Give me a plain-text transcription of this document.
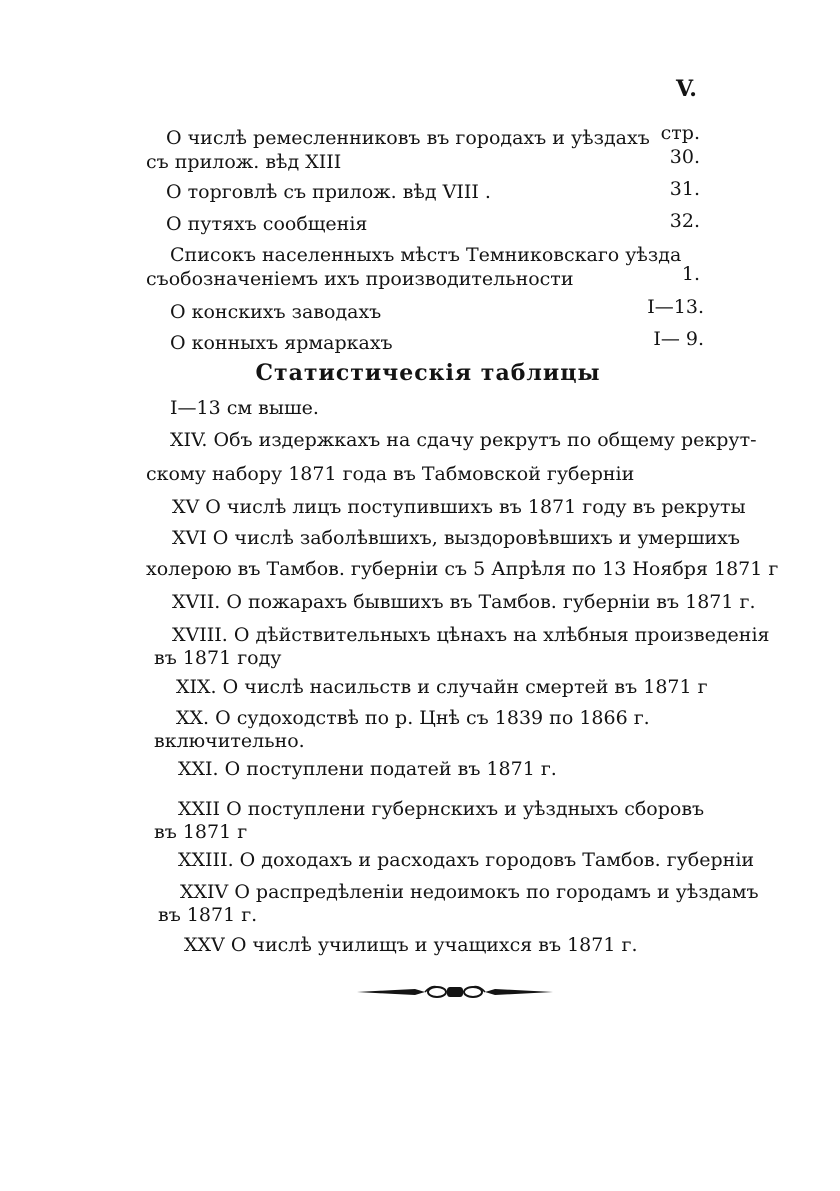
V.
стр.
О числѣ ремесленниковъ въ городахъ и уѣздахъ
съ прилож. вѣд XIII	30.
О торговлѣ съ прилож. вѣд VIII .	31.
О путяхъ сообщенія	32.
Списокъ населенныхъ мѣстъ Темниковскаго уѣзда
съобозначеніемъ ихъ производительности	1.
О конскихъ заводахъ	I—13.
О конныхъ ярмаркахъ	I— 9.
Статистическія таблицы
I—13 см выше.
XIV. Объ издержкахъ на сдачу рекрутъ по общему рекрут-
скому набору 1871 года въ Табмовской губерніи
XV О числѣ лицъ поступившихъ въ 1871 году въ рекруты
XVI О числѣ заболѣвшихъ, выздоровѣвшихъ и умершихъ
холерою въ Тамбов. губерніи съ 5 Апрѣля по 13 Ноября 1871 г
XVII. О пожарахъ бывшихъ въ Тамбов. губерніи въ 1871 г.
XVIII. О дѣйствительныхъ цѣнахъ на хлѣбныя произведенія
въ 1871 году
XIX. О числѣ насильств и случайн смертей въ 1871 г
XX. О судоходствѣ по р. Цнѣ съ 1839 по 1866 г.
включительно.
XXI. О поступлени податей въ 1871 г.
XXII О поступлени губернскихъ и уѣздныхъ сборовъ
въ 1871 г
XXIII. О доходахъ и расходахъ городовъ Тамбов. губерніи
XXIV О распредѣленіи недоимокъ по городамъ и уѣздамъ
въ 1871 г.
XXV О числѣ училищъ и учащихся въ 1871 г.
